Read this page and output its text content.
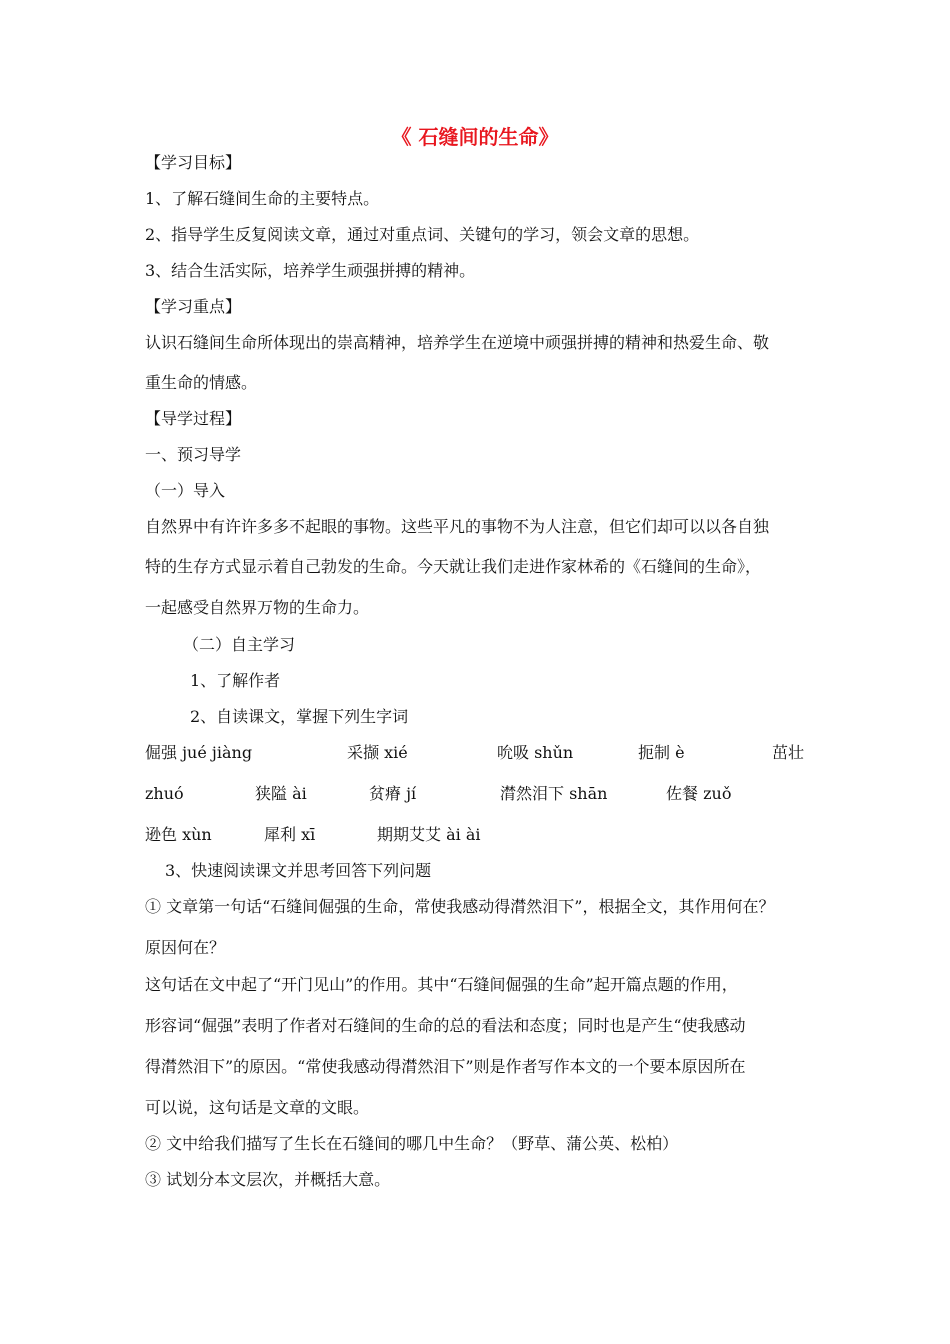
《 石缝间的生命》
【学习目标】
1、了解石缝间生命的主要特点。
2、指导学生反复阅读文章，通过对重点词、关键句的学习，领会文章的思想。
3、结合生活实际，培养学生顽强拼搏的精神。
【学习重点】
认识石缝间生命所体现出的崇高精神，培养学生在逆境中顽强拼搏的精神和热爱生命、敬
重生命的情感。
【导学过程】
一、预习导学
（一）导入
自然界中有许许多多不起眼的事物。这些平凡的事物不为人注意，但它们却可以以各自独
特的生存方式显示着自己勃发的生命。今天就让我们走进作家林希的《石缝间的生命》，
一起感受自然界万物的生命力。
（二）自主学习
1、了解作者
2、自读课文，掌握下列生字词
倔强 jué jiàng	采撷 xié	吮吸 shǔn	扼制 è	茁壮
zhuó	狭隘 ài	贫瘠 jí	潸然泪下 shān	佐餐 zuǒ
逊色 xùn	犀利 xī	期期艾艾 ài ài
3、快速阅读课文并思考回答下列问题
① 文章第一句话“石缝间倔强的生命，常使我感动得潸然泪下”，根据全文，其作用何在？
原因何在？
这句话在文中起了“开门见山”的作用。其中“石缝间倔强的生命”起开篇点题的作用，
形容词“倔强”表明了作者对石缝间的生命的总的看法和态度；同时也是产生“使我感动
得潸然泪下”的原因。“常使我感动得潸然泪下”则是作者写作本文的一个要本原因所在
可以说，这句话是文章的文眼。
② 文中给我们描写了生长在石缝间的哪几中生命？（野草、蒲公英、松柏）
③ 试划分本文层次，并概括大意。
